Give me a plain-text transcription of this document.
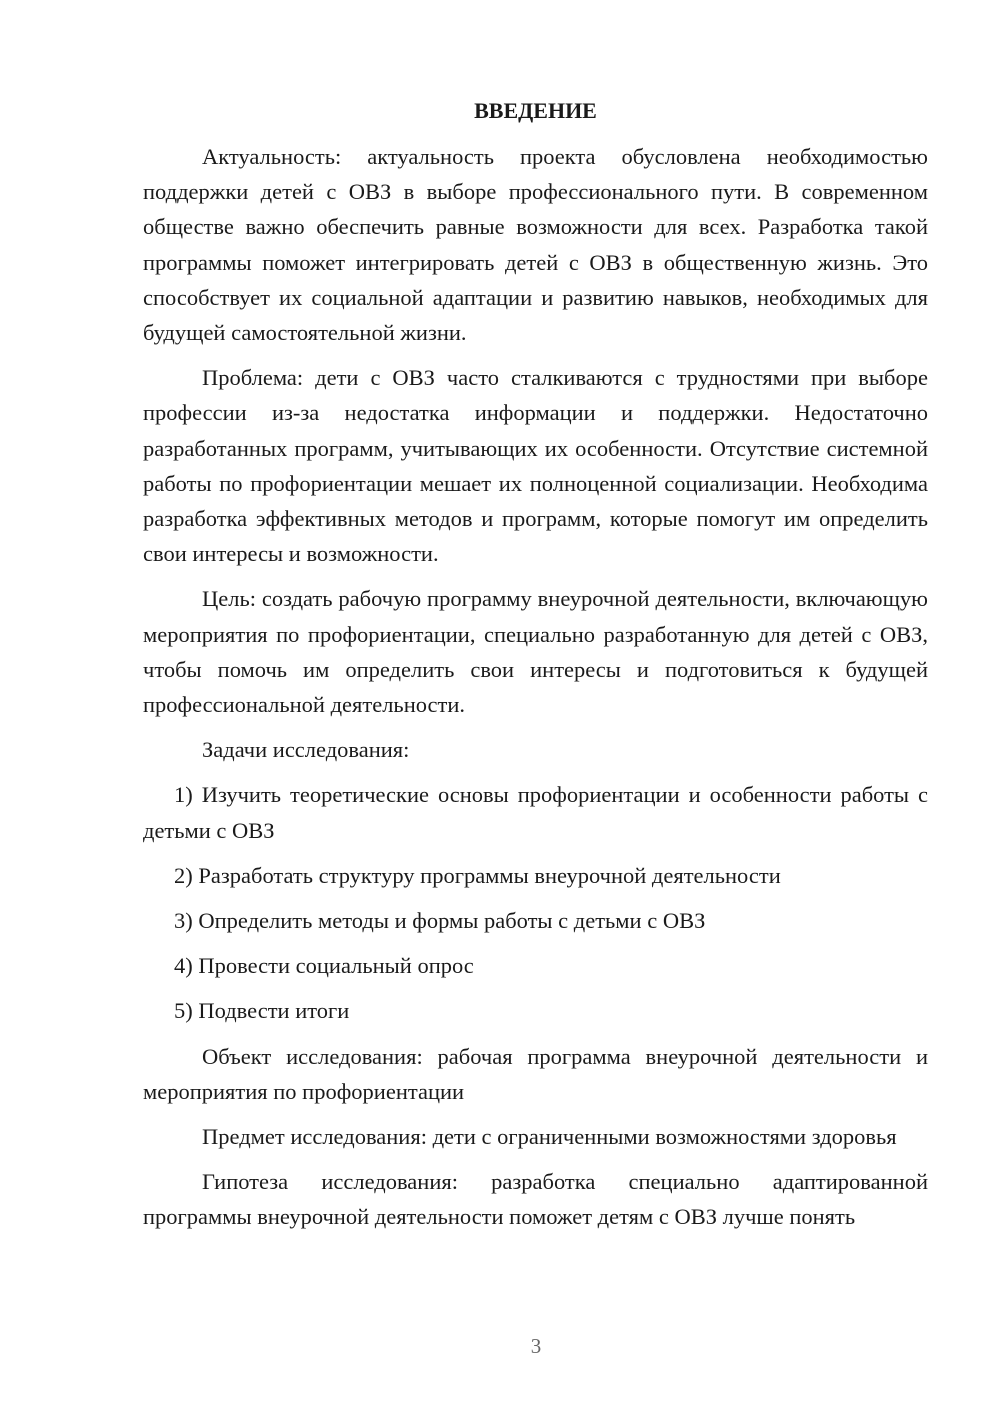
ВВЕДЕНИЕ

Актуальность: актуальность проекта обусловлена необходимостью поддержки детей с ОВЗ в выборе профессионального пути. В современном обществе важно обеспечить равные возможности для всех. Разработка такой программы поможет интегрировать детей с ОВЗ в общественную жизнь. Это способствует их социальной адаптации и развитию навыков, необходимых для будущей самостоятельной жизни.

Проблема: дети с ОВЗ часто сталкиваются с трудностями при выборе профессии из-за недостатка информации и поддержки. Недостаточно разработанных программ, учитывающих их особенности. Отсутствие системной работы по профориентации мешает их полноценной социализации. Необходима разработка эффективных методов и программ, которые помогут им определить свои интересы и возможности.

Цель: создать рабочую программу внеурочной деятельности, включающую мероприятия по профориентации, специально разработанную для детей с ОВЗ, чтобы помочь им определить свои интересы и подготовиться к будущей профессиональной деятельности.

Задачи исследования:

1) Изучить теоретические основы профориентации и особенности работы с детьми с ОВЗ

2) Разработать структуру программы внеурочной деятельности

3) Определить методы и формы работы с детьми с ОВЗ

4) Провести социальный опрос

5) Подвести итоги

Объект исследования: рабочая программа внеурочной деятельности и мероприятия по профориентации

Предмет исследования: дети с ограниченными возможностями здоровья

Гипотеза исследования: разработка специально адаптированной программы внеурочной деятельности поможет детям с ОВЗ лучше понять

3
